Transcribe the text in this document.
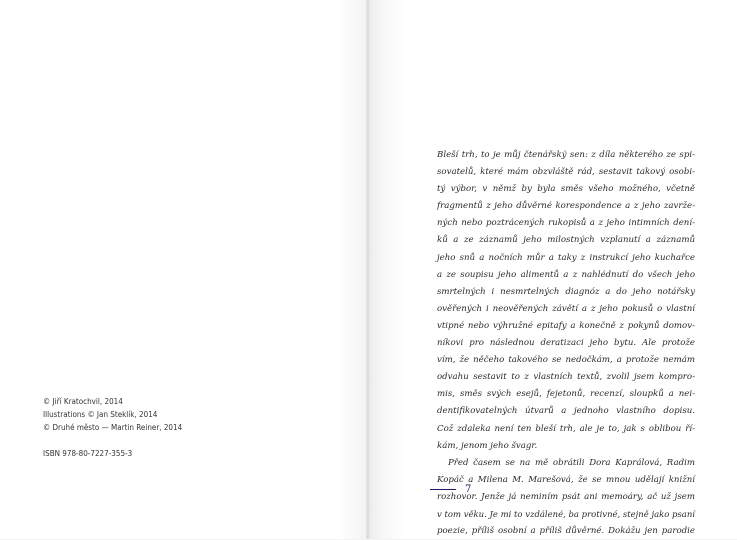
© Jiří Kratochvil, 2014
Illustrations © Jan Steklík, 2014
© Druhé město — Martin Reiner, 2014
ISBN 978-80-7227-355-3
Bleší trh, to je můj čtenářský sen: z díla některého ze spi-
sovatelů, které mám obzvláště rád, sestavit takový osobi-
tý výbor, v němž by byla směs všeho možného, včetně
fragmentů z jeho důvěrné korespondence a z jeho zavrže-
ných nebo poztrácených rukopisů a z jeho intimních dení-
ků a ze záznamů jeho milostných vzplanutí a záznamů
jeho snů a nočních můr a taky z instrukcí jeho kuchařce
a ze soupisu jeho alimentů a z nahlédnutí do všech jeho
smrtelných i nesmrtelných diagnóz a do jeho notářsky
ověřených i neověřených závětí a z jeho pokusů o vlastní
vtipné nebo výhružné epitafy a konečně z pokynů domov-
níkovi pro následnou deratizaci jeho bytu. Ale protože
vím, že něčeho takového se nedočkám, a protože nemám
odvahu sestavit to z vlastních textů, zvolil jsem kompro-
mis, směs svých esejů, fejetonů, recenzí, sloupků a nei-
dentifikovatelných útvarů a jednoho vlastního dopisu.
Což zdaleka není ten bleší trh, ale je to, jak s oblibou ří-
kám, jenom jeho švagr.
Před časem se na mě obrátili Dora Kaprálová, Radim
Kopáč a Milena M. Marešová, že se mnou udělají knižní
rozhovor. Jenže já neminím psát ani memoáry, ač už jsem
v tom věku. Je mi to vzdálené, ba protivné, stejně jako psaní
poezie, příliš osobní a příliš důvěrné. Dokážu jen parodie
7
